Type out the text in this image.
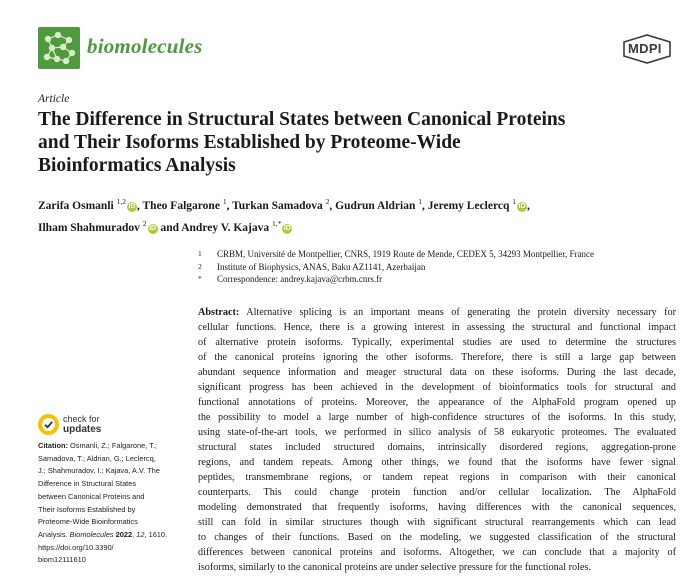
biomolecules	MDPI
Article
The Difference in Structural States between Canonical Proteins
and Their Isoforms Established by Proteome-Wide
Bioinformatics Analysis
Zarifa Osmanli $^{1,2}$iD , Theo Falgarone $^1$, Turkan Samadova $^2$, Gudrun Aldrian $^1$, Jeremy Leclercq $^1$iD ,
Ilham Shahmuradov $^2$iD and Andrey V. Kajava $^{1,*}$iD
1 CRBM, Université de Montpellier, CNRS, 1919 Route de Mende, CEDEX 5, 34293 Montpellier, France
2 Institute of Biophysics, ANAS, Baku AZ1141, Azerbaijan
* Correspondence: andrey.kajava@crbm.cnrs.fr
Abstract: Alternative splicing is an important means of generating the protein diversity necessary for
cellular functions. Hence, there is a growing interest in assessing the structural and functional impact
of alternative protein isoforms. Typically, experimental studies are used to determine the structures
of the canonical proteins ignoring the other isoforms. Therefore, there is still a large gap between
abundant sequence information and meager structural data on these isoforms. During the last decade,
significant progress has been achieved in the development of bioinformatics tools for structural and
functional annotations of proteins. Moreover, the appearance of the AlphaFold program opened up
the possibility to model a large number of high-confidence structures of the isoforms. In this study,
using state-of-the-art tools, we performed in silico analysis of 58 eukaryotic proteomes. The evaluated
structural states included structured domains, intrinsically disordered regions, aggregation-prone
regions, and tandem repeats. Among other things, we found that the isoforms have fewer signal
peptides, transmembrane regions, or tandem repeat regions in comparison with their canonical
counterparts. This could change protein function and/or cellular localization. The AlphaFold
modeling demonstrated that frequently isoforms, having differences with the canonical sequences,
still can fold in similar structures though with significant structural rearrangements which can lead
to changes of their functions. Based on the modeling, we suggested classification of the structural
differences between canonical proteins and isoforms. Altogether, we can conclude that a majority of
isoforms, similarly to the canonical proteins are under selective pressure for the functional roles.
check for
updates
Citation: Osmanli, Z.; Falgarone, T.;
Samadova, T.; Aldrian, G.; Leclercq,
J.; Shahmuradov, I.; Kajava, A.V. The
Difference in Structural States
between Canonical Proteins and
Their Isoforms Established by
Proteome-Wide Bioinformatics
Analysis. Biomolecules 2022, 12, 1610.
https://doi.org/10.3390/
biom12111610
